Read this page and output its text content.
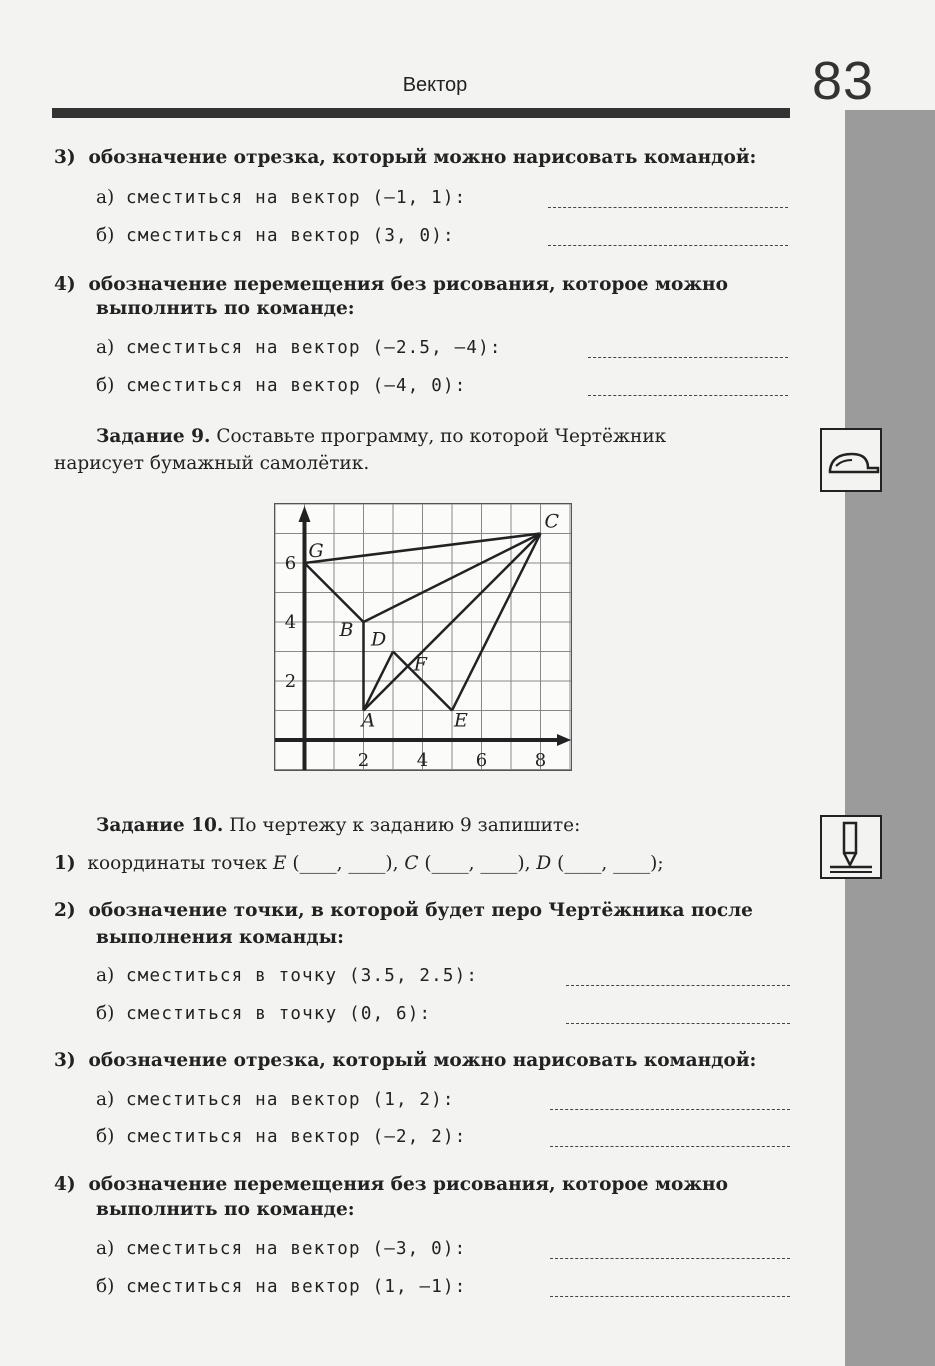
Вектор	83
3) обозначение отрезка, который можно нарисовать командой:
а) сместиться на вектор (–1, 1):
б) сместиться на вектор (3, 0):
4) обозначение перемещения без рисования, которое можно
выполнить по команде:
а) сместиться на вектор (–2.5, –4):
б) сместиться на вектор (–4, 0):
Задание 9. Составьте программу, по которой Чертёжник
нарисует бумажный самолётик.
2	4	6	8
2
4
6
A
B
C
D
E
F
G
Задание 10. По чертежу к заданию 9 запишите:
1) координаты точек E (____, ____), C (____, ____), D (____, ____);
2) обозначение точки, в которой будет перо Чертёжника после
выполнения команды:
а) сместиться в точку (3.5, 2.5):
б) сместиться в точку (0, 6):
3) обозначение отрезка, который можно нарисовать командой:
а) сместиться на вектор (1, 2):
б) сместиться на вектор (–2, 2):
4) обозначение перемещения без рисования, которое можно
выполнить по команде:
а) сместиться на вектор (–3, 0):
б) сместиться на вектор (1, –1):
